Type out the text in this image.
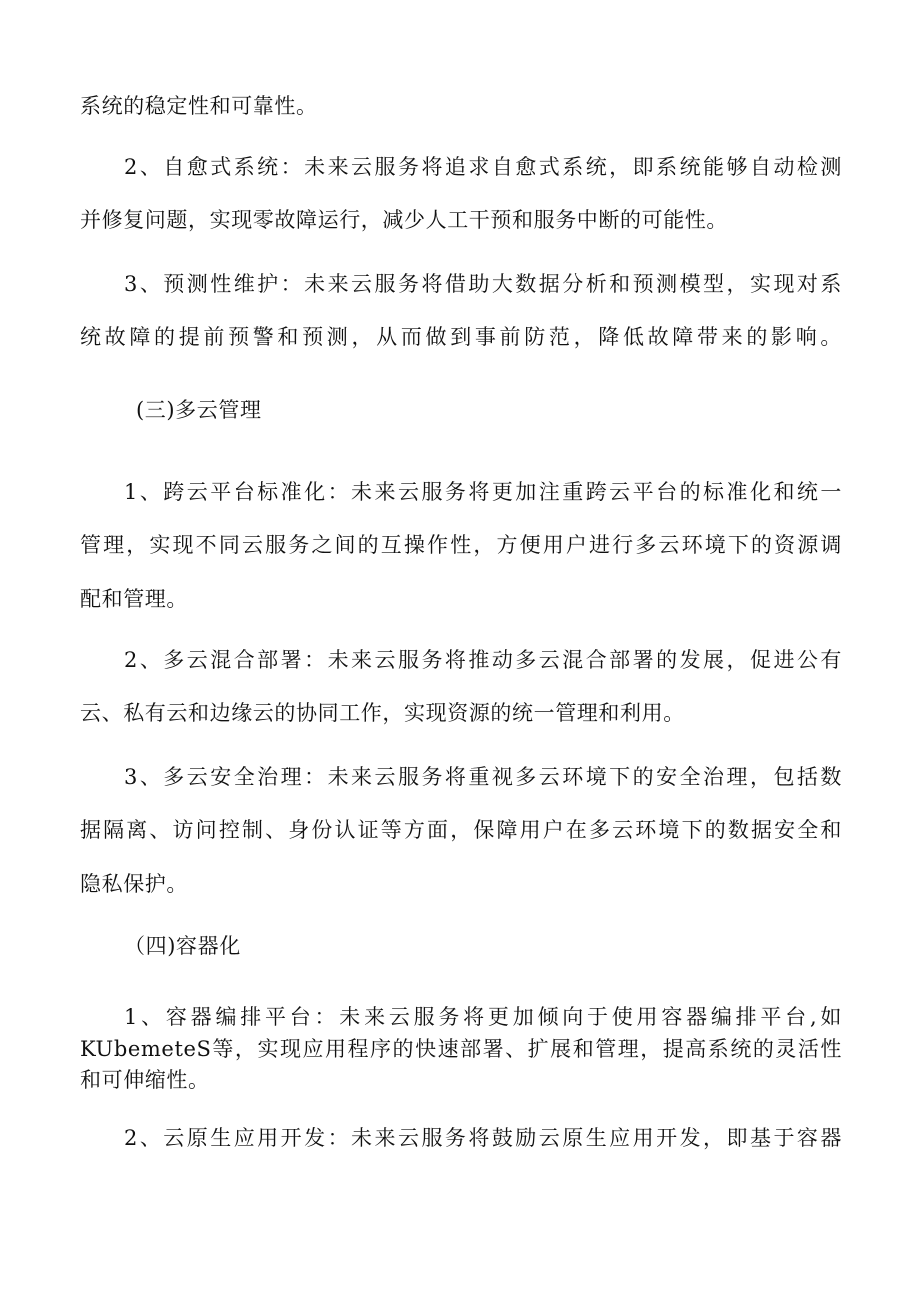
系统的稳定性和可靠性。
2、自愈式系统：未来云服务将追求自愈式系统，即系统能够自动检测
并修复问题，实现零故障运行，减少人工干预和服务中断的可能性。
3、预测性维护：未来云服务将借助大数据分析和预测模型，实现对系
统故障的提前预警和预测，从而做到事前防范，降低故障带来的影响。
(三)多云管理
1、跨云平台标准化：未来云服务将更加注重跨云平台的标准化和统一
管理，实现不同云服务之间的互操作性，方便用户进行多云环境下的资源调
配和管理。
2、多云混合部署：未来云服务将推动多云混合部署的发展，促进公有
云、私有云和边缘云的协同工作，实现资源的统一管理和利用。
3、多云安全治理：未来云服务将重视多云环境下的安全治理，包括数
据隔离、访问控制、身份认证等方面，保障用户在多云环境下的数据安全和
隐私保护。
（四)容器化
1、容器编排平台：未来云服务将更加倾向于使用容器编排平台,如
KUbemeteS等，实现应用程序的快速部署、扩展和管理，提高系统的灵活性
和可伸缩性。
2、云原生应用开发：未来云服务将鼓励云原生应用开发，即基于容器
